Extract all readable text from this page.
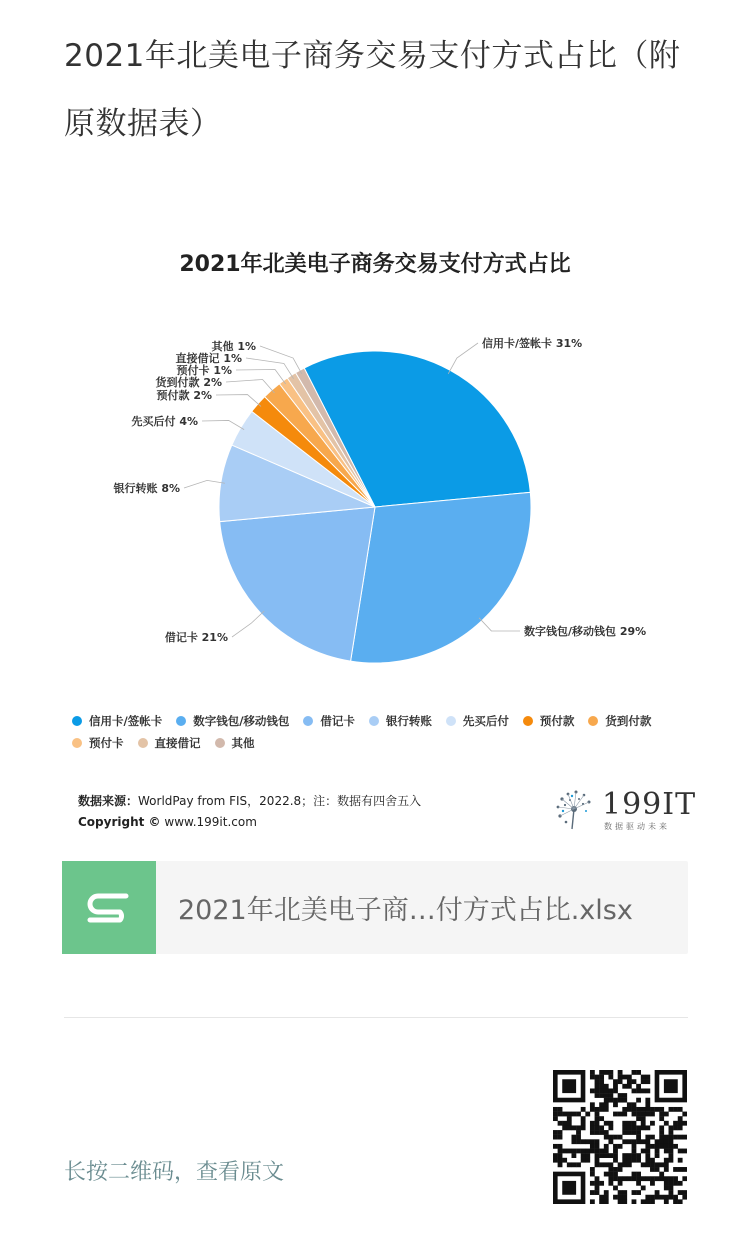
2021年北美电子商务交易支付方式占比（附原数据表）
2021年北美电子商务交易支付方式占比
信用卡/签帐卡 31%
数字钱包/移动钱包 29%
借记卡 21%
银行转账 8%
先买后付 4%
预付款 2%
货到付款 2%
预付卡 1%
直接借记 1%
其他 1%
信用卡/签帐卡	数字钱包/移动钱包	借记卡	银行转账	先买后付	预付款	货到付款
预付卡	直接借记	其他
数据来源：WorldPay from FIS，2022.8；注：数据有四舍五入
Copyright © www.199it.com	199IT
数据驱动未来
2021年北美电子商…付方式占比.xlsx
长按二维码，查看原文
